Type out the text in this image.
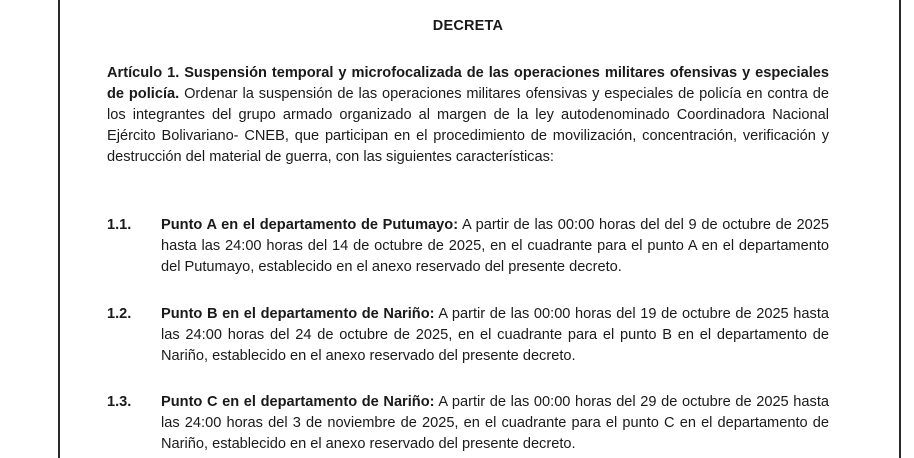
DECRETA
Artículo 1. Suspensión temporal y microfocalizada de las operaciones militares ofensivas y especiales de policía. Ordenar la suspensión de las operaciones militares ofensivas y especiales de policía en contra de los integrantes del grupo armado organizado al margen de la ley autodenominado Coordinadora Nacional Ejército Bolivariano- CNEB, que participan en el procedimiento de movilización, concentración, verificación y destrucción del material de guerra, con las siguientes características:
1.1. Punto A en el departamento de Putumayo: A partir de las 00:00 horas del del 9 de octubre de 2025 hasta las 24:00 horas del 14 de octubre de 2025, en el cuadrante para el punto A en el departamento del Putumayo, establecido en el anexo reservado del presente decreto.
1.2. Punto B en el departamento de Nariño: A partir de las 00:00 horas del 19 de octubre de 2025 hasta las 24:00 horas del 24 de octubre de 2025, en el cuadrante para el punto B en el departamento de Nariño, establecido en el anexo reservado del presente decreto.
1.3. Punto C en el departamento de Nariño: A partir de las 00:00 horas del 29 de octubre de 2025 hasta las 24:00 horas del 3 de noviembre de 2025, en el cuadrante para el punto C en el departamento de Nariño, establecido en el anexo reservado del presente decreto.
